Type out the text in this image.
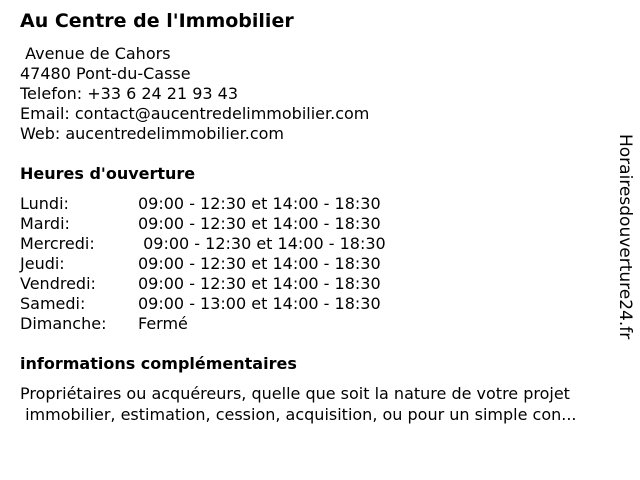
Au Centre de l'Immobilier
Avenue de Cahors
47480 Pont-du-Casse
Telefon: +33 6 24 21 93 43
Email: contact@aucentredelimmobilier.com
Web: aucentredelimmobilier.com
Heures d'ouverture
Lundi:	09:00 - 12:30 et 14:00 - 18:30
Mardi:	09:00 - 12:30 et 14:00 - 18:30
Mercredi:	09:00 - 12:30 et 14:00 - 18:30
Jeudi:	09:00 - 12:30 et 14:00 - 18:30
Vendredi:	09:00 - 12:30 et 14:00 - 18:30
Samedi:	09:00 - 13:00 et 14:00 - 18:30
Dimanche: Fermé
informations complémentaires
Propriétaires ou acquéreurs, quelle que soit la nature de votre projet
immobilier, estimation, cession, acquisition, ou pour un simple con...
Horairesdouverture24.fr
